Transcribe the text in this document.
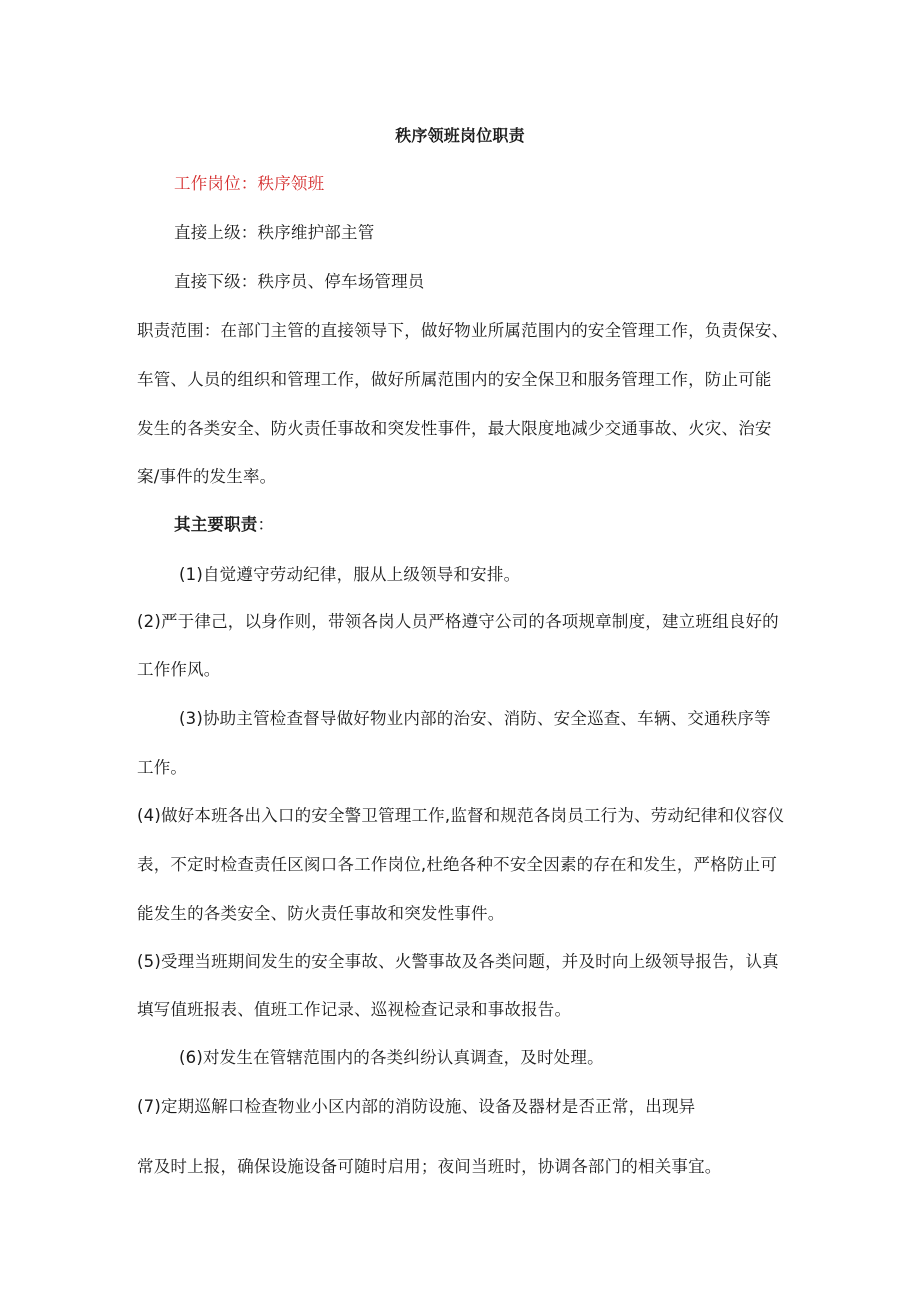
秩序领班岗位职责
工作岗位：秩序领班
直接上级：秩序维护部主管
直接下级：秩序员、停车场管理员
职责范围：在部门主管的直接领导下，做好物业所属范围内的安全管理工作，负责保安、
车管、人员的组织和管理工作，做好所属范围内的安全保卫和服务管理工作，防止可能
发生的各类安全、防火责任事故和突发性事件，最大限度地减少交通事故、火灾、治安
案/事件的发生率。
其主要职责：
(1)自觉遵守劳动纪律，服从上级领导和安排。
(2)严于律己，以身作则，带领各岗人员严格遵守公司的各项规章制度，建立班组良好的
工作作风。
(3)协助主管检查督导做好物业内部的治安、消防、安全巡查、车辆、交通秩序等
工作。
(4)做好本班各出入口的安全警卫管理工作,监督和规范各岗员工行为、劳动纪律和仪容仪
表，不定时检查责任区阂口各工作岗位,杜绝各种不安全因素的存在和发生，严格防止可
能发生的各类安全、防火责任事故和突发性事件。
(5)受理当班期间发生的安全事故、火警事故及各类问题，并及时向上级领导报告，认真
填写值班报表、值班工作记录、巡视检查记录和事故报告。
(6)对发生在管辖范围内的各类纠纷认真调查，及时处理。
(7)定期巡解口检查物业小区内部的消防设施、设备及器材是否正常，出现异
常及时上报，确保设施设备可随时启用；夜间当班时，协调各部门的相关事宜。
